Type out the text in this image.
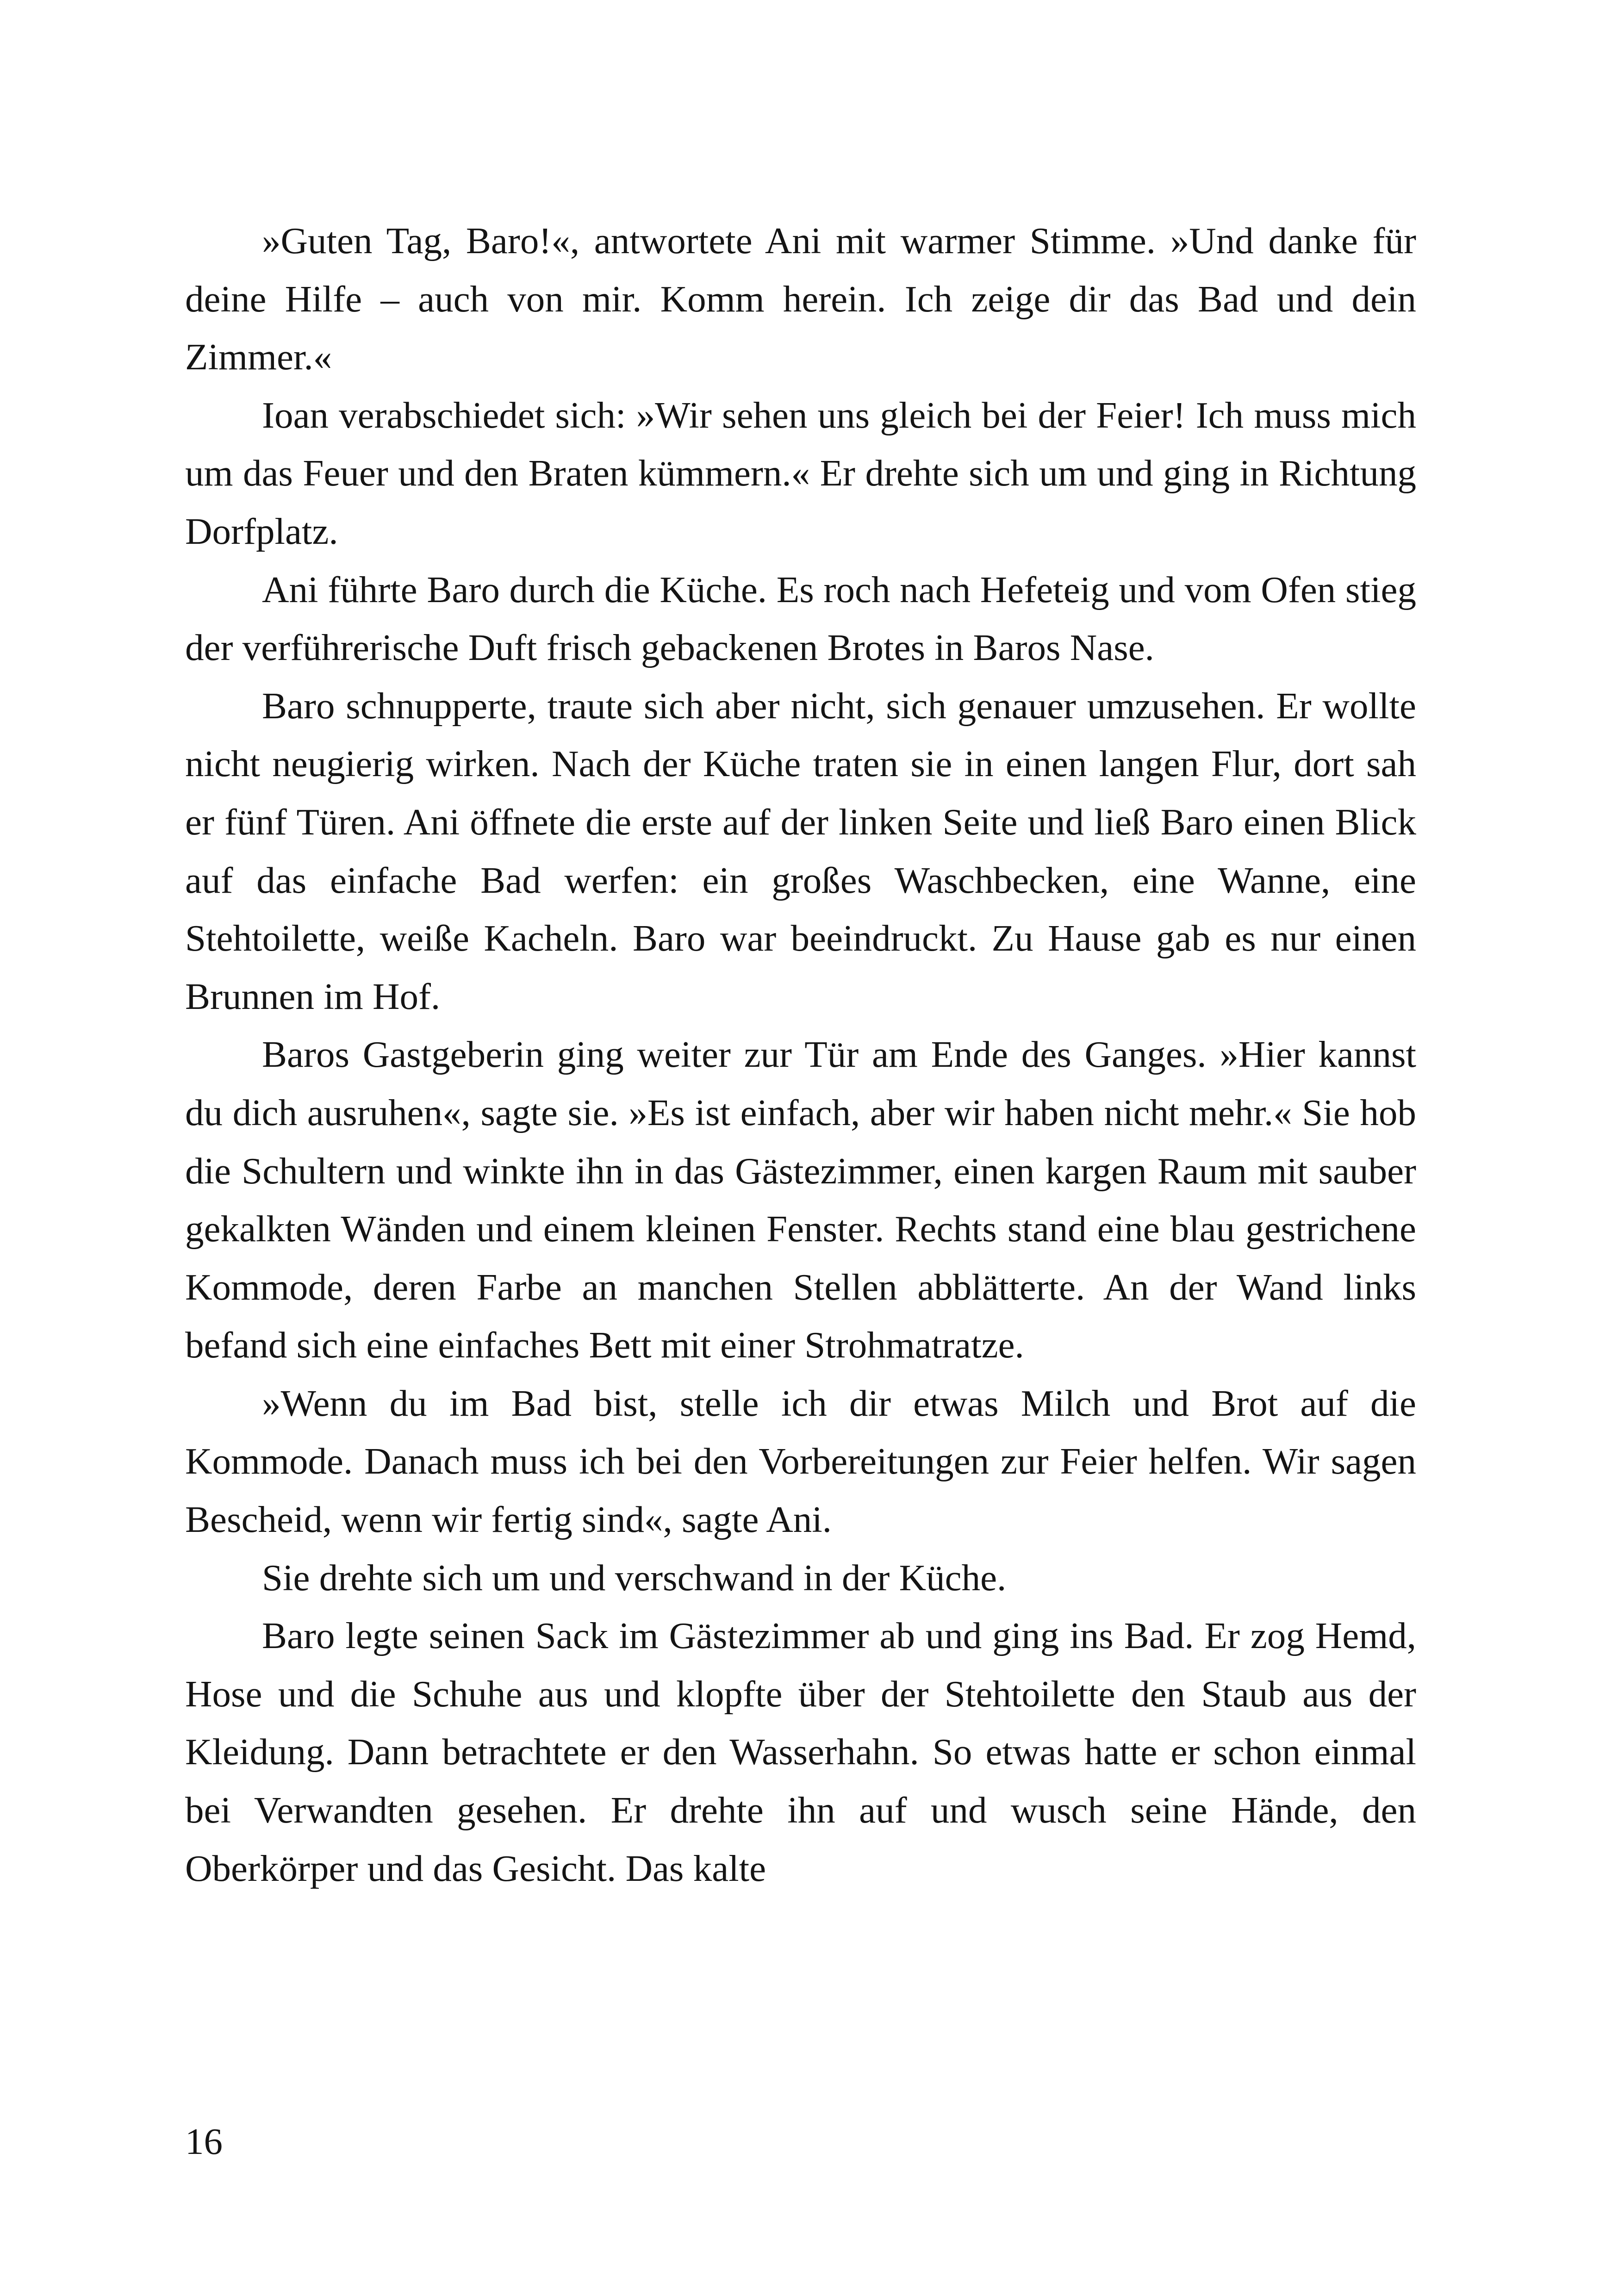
»Guten Tag, Baro!«, antwortete Ani mit warmer Stimme. »Und danke für deine Hilfe – auch von mir. Komm herein. Ich zeige dir das Bad und dein Zimmer.«

Ioan verabschiedet sich: »Wir sehen uns gleich bei der Feier! Ich muss mich um das Feuer und den Braten kümmern.« Er drehte sich um und ging in Richtung Dorfplatz.

Ani führte Baro durch die Küche. Es roch nach Hefeteig und vom Ofen stieg der verführerische Duft frisch gebackenen Brotes in Baros Nase.

Baro schnupperte, traute sich aber nicht, sich genauer umzusehen. Er wollte nicht neugierig wirken. Nach der Küche traten sie in einen langen Flur, dort sah er fünf Türen. Ani öffnete die erste auf der linken Seite und ließ Baro einen Blick auf das einfache Bad werfen: ein großes Waschbecken, eine Wanne, eine Stehtoilette, weiße Kacheln. Baro war beeindruckt. Zu Hause gab es nur einen Brunnen im Hof.

Baros Gastgeberin ging weiter zur Tür am Ende des Ganges. »Hier kannst du dich ausruhen«, sagte sie. »Es ist einfach, aber wir haben nicht mehr.« Sie hob die Schultern und winkte ihn in das Gästezimmer, einen kargen Raum mit sauber gekalkten Wänden und einem kleinen Fenster. Rechts stand eine blau gestrichene Kommode, deren Farbe an manchen Stellen abblätterte. An der Wand links befand sich eine einfaches Bett mit einer Strohmatratze.

»Wenn du im Bad bist, stelle ich dir etwas Milch und Brot auf die Kommode. Danach muss ich bei den Vorbereitungen zur Feier helfen. Wir sagen Bescheid, wenn wir fertig sind«, sagte Ani.

Sie drehte sich um und verschwand in der Küche.

Baro legte seinen Sack im Gästezimmer ab und ging ins Bad. Er zog Hemd, Hose und die Schuhe aus und klopfte über der Stehtoilette den Staub aus der Kleidung. Dann betrachtete er den Wasserhahn. So etwas hatte er schon einmal bei Verwandten gesehen. Er drehte ihn auf und wusch seine Hände, den Oberkörper und das Gesicht. Das kalte

16
